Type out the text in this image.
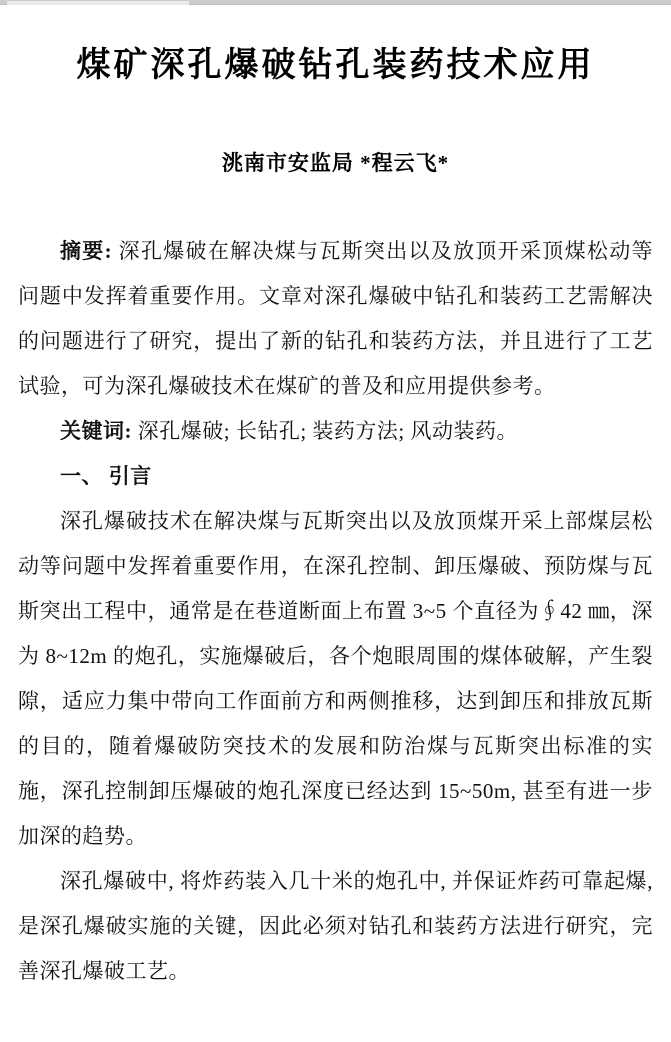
煤矿深孔爆破钻孔装药技术应用
洮南市安监局 *程云飞*

摘要: 深孔爆破在解决煤与瓦斯突出以及放顶开采顶煤松动等问题中发挥着重要作用。文章对深孔爆破中钻孔和装药工艺需解决的问题进行了研究，提出了新的钻孔和装药方法，并且进行了工艺试验，可为深孔爆破技术在煤矿的普及和应用提供参考。

关键词: 深孔爆破; 长钻孔; 装药方法; 风动装药。

一、 引言

深孔爆破技术在解决煤与瓦斯突出以及放顶煤开采上部煤层松动等问题中发挥着重要作用，在深孔控制、卸压爆破、预防煤与瓦斯突出工程中，通常是在巷道断面上布置 3~5 个直径为∮42 ㎜，深为 8~12m 的炮孔，实施爆破后，各个炮眼周围的煤体破解，产生裂隙，适应力集中带向工作面前方和两侧推移，达到卸压和排放瓦斯的目的，随着爆破防突技术的发展和防治煤与瓦斯突出标准的实施，深孔控制卸压爆破的炮孔深度已经达到 15~50m, 甚至有进一步加深的趋势。

深孔爆破中, 将炸药装入几十米的炮孔中, 并保证炸药可靠起爆, 是深孔爆破实施的关键，因此必须对钻孔和装药方法进行研究，完善深孔爆破工艺。
